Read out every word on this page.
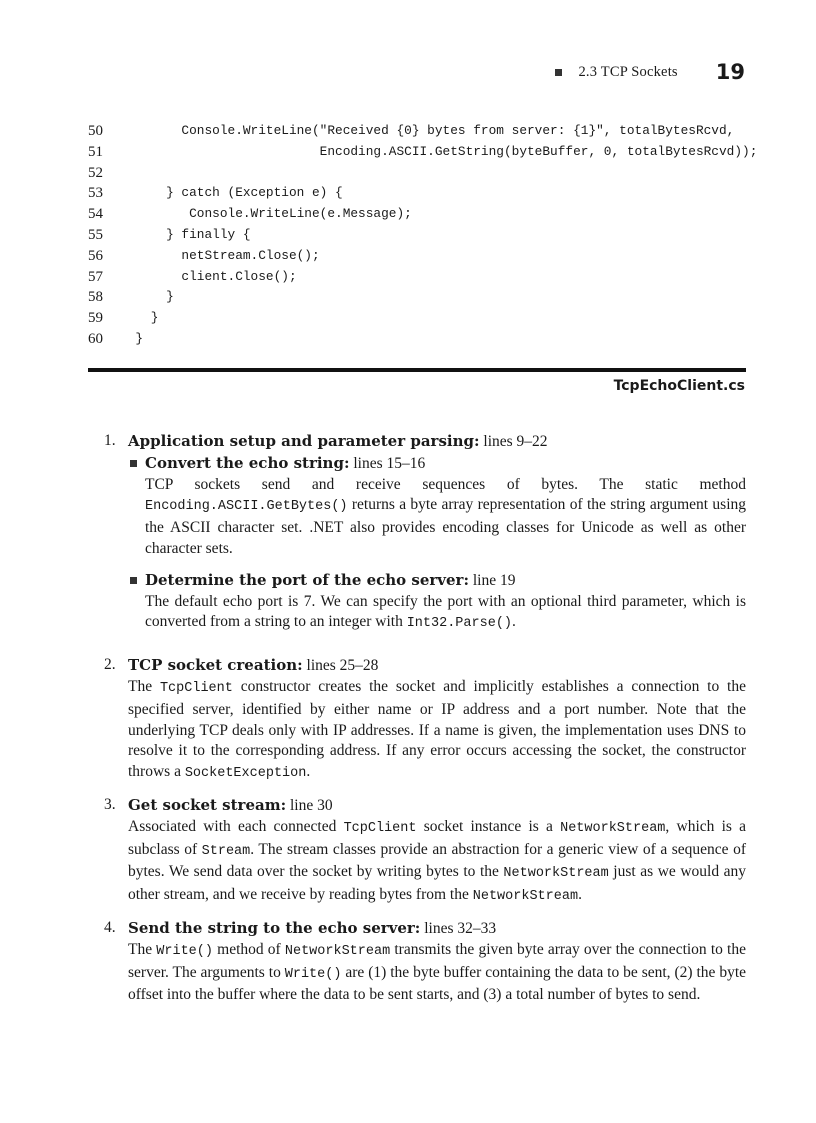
2.3 TCP Sockets 19
50	Console.WriteLine("Received {0} bytes from server: {1}", totalBytesRcvd,
51	Encoding.ASCII.GetString(byteBuffer, 0, totalBytesRcvd));
52
53	} catch (Exception e) {
54	Console.WriteLine(e.Message);
55	} finally {
56	netStream.Close();
57	client.Close();
58	}
59	}
60	}
TcpEchoClient.cs
1. Application setup and parameter parsing: lines 9–22
Convert the echo string: lines 15–16
TCP sockets send and receive sequences of bytes. The static method Encoding.ASCII.GetBytes() returns a byte array representation of the string argument using the ASCII character set. .NET also provides encoding classes for Unicode as well as other character sets.
Determine the port of the echo server: line 19
The default echo port is 7. We can specify the port with an optional third parameter, which is converted from a string to an integer with Int32.Parse().
2. TCP socket creation: lines 25–28
The TcpClient constructor creates the socket and implicitly establishes a connection to the specified server, identified by either name or IP address and a port number. Note that the underlying TCP deals only with IP addresses. If a name is given, the implementation uses DNS to resolve it to the corresponding address. If any error occurs accessing the socket, the constructor throws a SocketException.
3. Get socket stream: line 30
Associated with each connected TcpClient socket instance is a NetworkStream, which is a subclass of Stream. The stream classes provide an abstraction for a generic view of a sequence of bytes. We send data over the socket by writing bytes to the NetworkStream just as we would any other stream, and we receive by reading bytes from the NetworkStream.
4. Send the string to the echo server: lines 32–33
The Write() method of NetworkStream transmits the given byte array over the connection to the server. The arguments to Write() are (1) the byte buffer containing the data to be sent, (2) the byte offset into the buffer where the data to be sent starts, and (3) a total number of bytes to send.
